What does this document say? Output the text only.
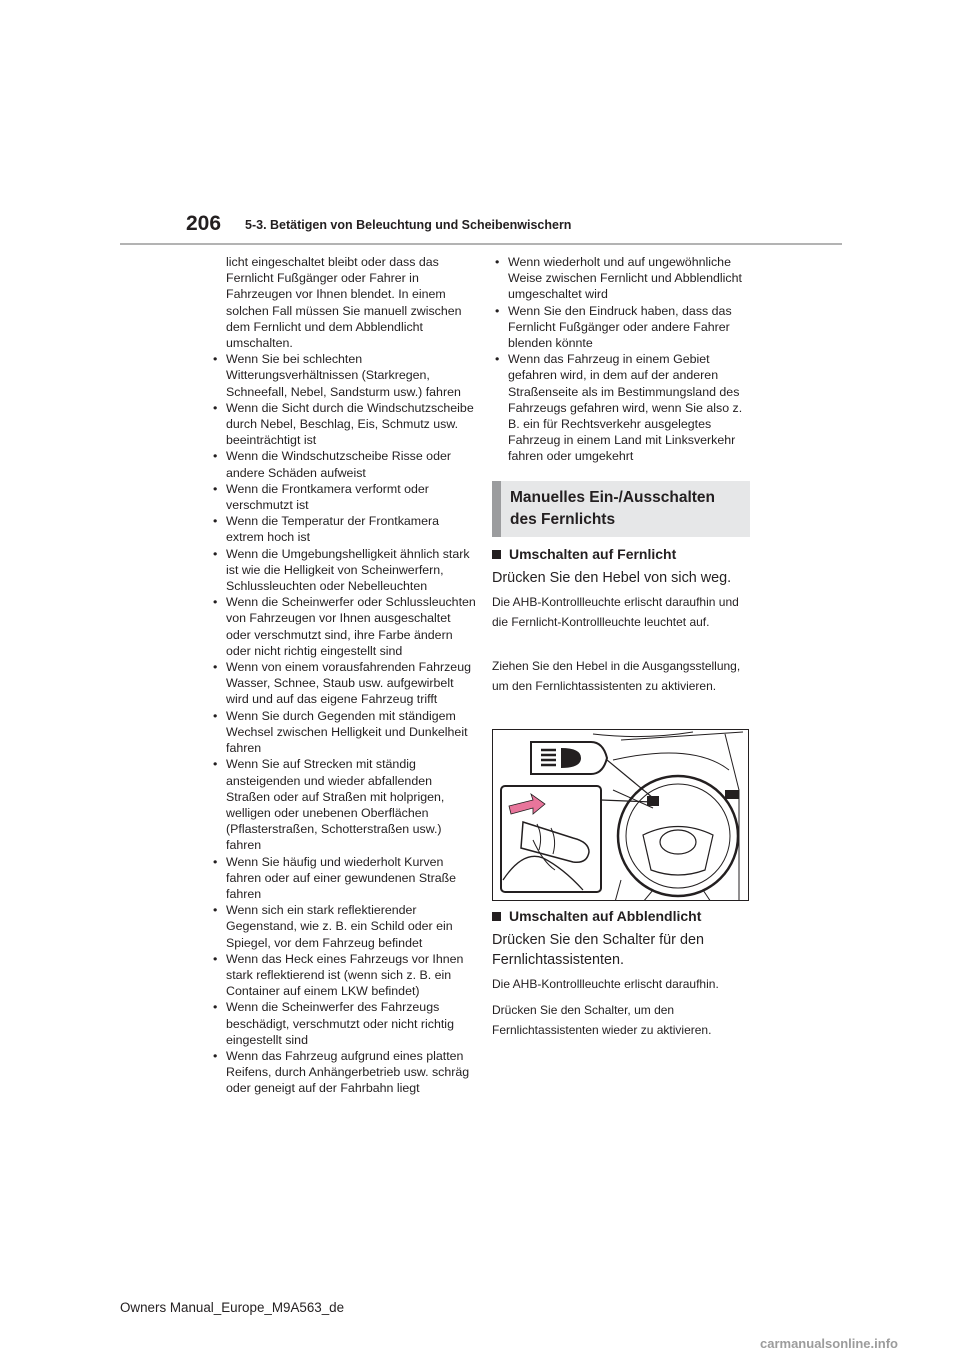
206 5-3. Betätigen von Beleuchtung und Scheibenwischern
licht eingeschaltet bleibt oder dass das Fernlicht Fußgänger oder Fahrer in Fahrzeugen vor Ihnen blendet. In einem solchen Fall müssen Sie manuell zwischen dem Fernlicht und dem Abblendlicht umschalten.
• Wenn Sie bei schlechten Witterungsverhältnissen (Starkregen, Schneefall, Nebel, Sandsturm usw.) fahren
• Wenn die Sicht durch die Windschutzscheibe durch Nebel, Beschlag, Eis, Schmutz usw. beeinträchtigt ist
• Wenn die Windschutzscheibe Risse oder andere Schäden aufweist
• Wenn die Frontkamera verformt oder verschmutzt ist
• Wenn die Temperatur der Frontkamera extrem hoch ist
• Wenn die Umgebungshelligkeit ähnlich stark ist wie die Helligkeit von Scheinwerfern, Schlussleuchten oder Nebelleuchten
• Wenn die Scheinwerfer oder Schlussleuchten von Fahrzeugen vor Ihnen ausgeschaltet oder verschmutzt sind, ihre Farbe ändern oder nicht richtig eingestellt sind
• Wenn von einem vorausfahrenden Fahrzeug Wasser, Schnee, Staub usw. aufgewirbelt wird und auf das eigene Fahrzeug trifft
• Wenn Sie durch Gegenden mit ständigem Wechsel zwischen Helligkeit und Dunkelheit fahren
• Wenn Sie auf Strecken mit ständig ansteigenden und wieder abfallenden Straßen oder auf Straßen mit holprigen, welligen oder unebenen Oberflächen (Pflasterstraßen, Schotterstraßen usw.) fahren
• Wenn Sie häufig und wiederholt Kurven fahren oder auf einer gewundenen Straße fahren
• Wenn sich ein stark reflektierender Gegenstand, wie z. B. ein Schild oder ein Spiegel, vor dem Fahrzeug befindet
• Wenn das Heck eines Fahrzeugs vor Ihnen stark reflektierend ist (wenn sich z. B. ein Container auf einem LKW befindet)
• Wenn die Scheinwerfer des Fahrzeugs beschädigt, verschmutzt oder nicht richtig eingestellt sind
• Wenn das Fahrzeug aufgrund eines platten Reifens, durch Anhängerbetrieb usw. schräg oder geneigt auf der Fahrbahn liegt
• Wenn wiederholt und auf ungewöhnliche Weise zwischen Fernlicht und Abblendlicht umgeschaltet wird
• Wenn Sie den Eindruck haben, dass das Fernlicht Fußgänger oder andere Fahrer blenden könnte
• Wenn das Fahrzeug in einem Gebiet gefahren wird, in dem auf der anderen Straßenseite als im Bestimmungsland des Fahrzeugs gefahren wird, wenn Sie also z. B. ein für Rechtsverkehr ausgelegtes Fahrzeug in einem Land mit Linksverkehr fahren oder umgekehrt
Manuelles Ein-/Ausschalten des Fernlichts
Umschalten auf Fernlicht
Drücken Sie den Hebel von sich weg.
Die AHB-Kontrollleuchte erlischt daraufhin und die Fernlicht-Kontrollleuchte leuchtet auf.
Ziehen Sie den Hebel in die Ausgangsstellung, um den Fernlichtassistenten zu aktivieren.
Umschalten auf Abblendlicht
Drücken Sie den Schalter für den Fernlichtassistenten.
Die AHB-Kontrollleuchte erlischt daraufhin.
Drücken Sie den Schalter, um den Fernlichtassistenten wieder zu aktivieren.
Owners Manual_Europe_M9A563_de
carmanualsonline.info
